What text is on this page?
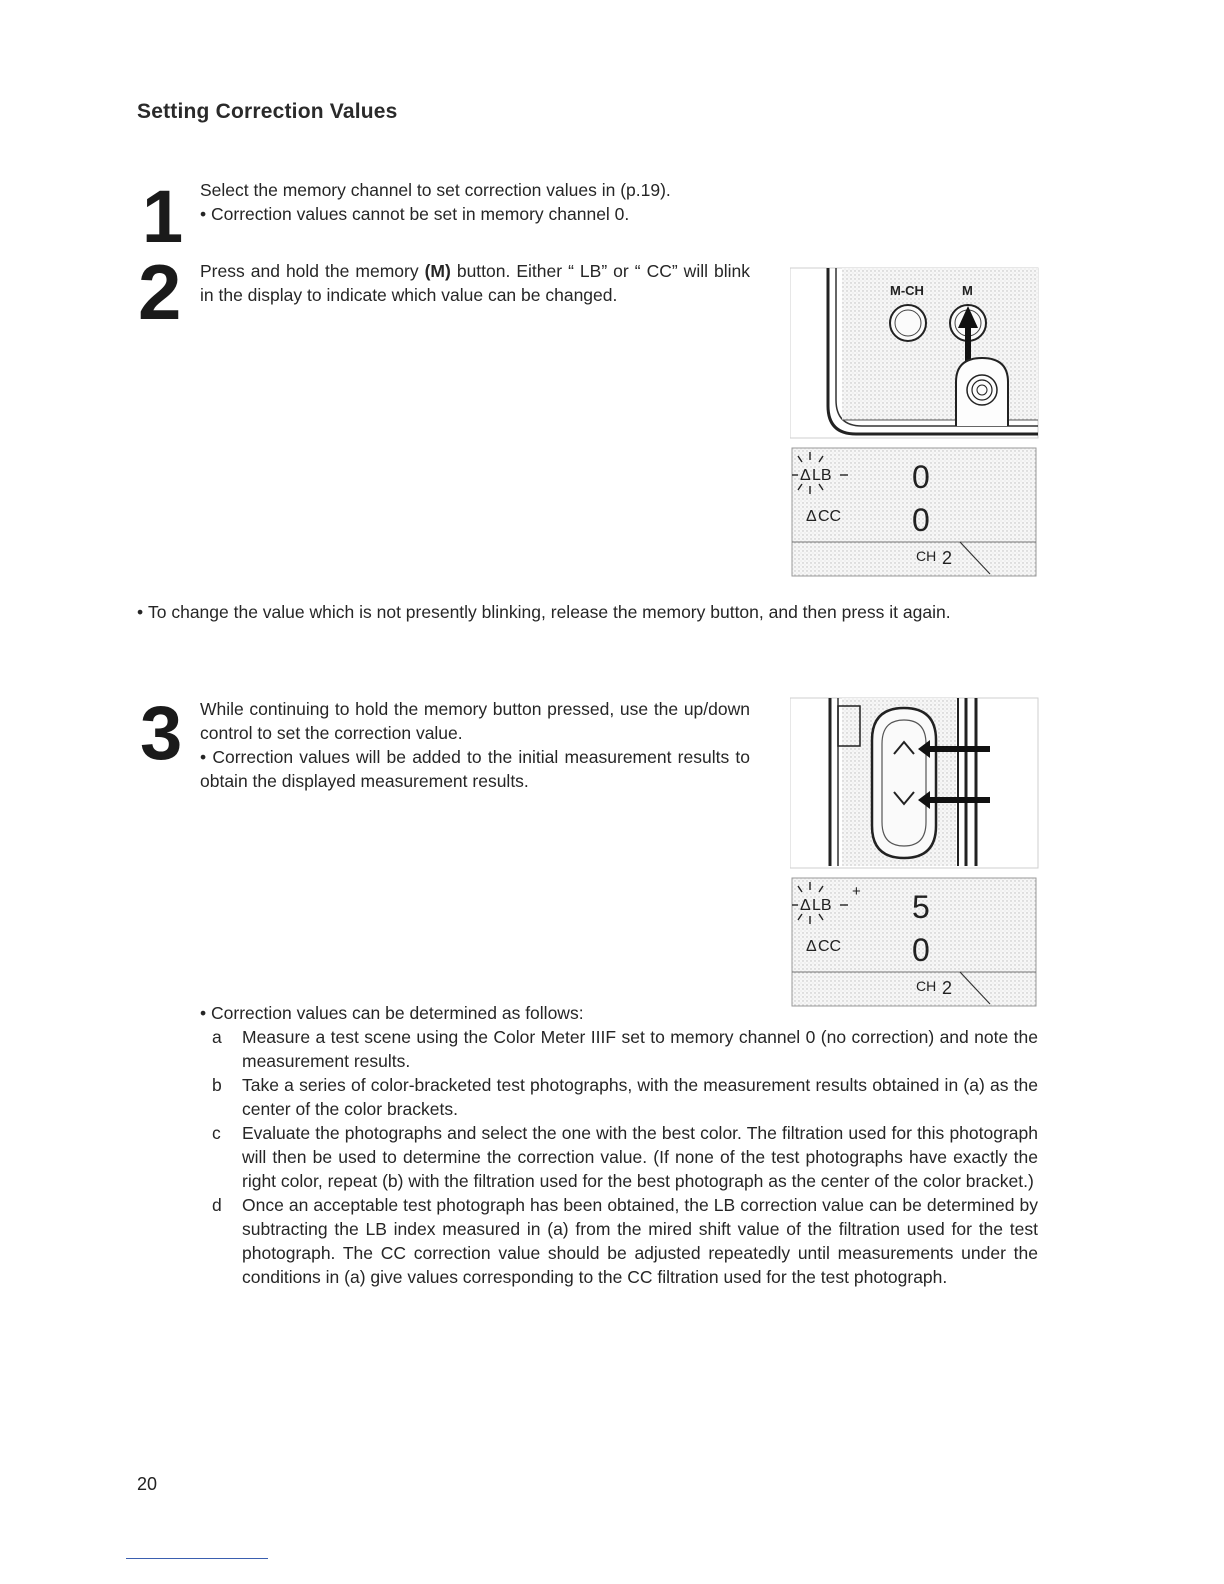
Setting Correction Values
1 Select the memory channel to set correction values in (p.19).

• Correction values cannot be set in memory channel 0.

2 Press and hold the memory (M) button. Either “ LB” or “ CC” will blink in the display to indicate which value can be changed.	M-CH	M
Δ LB
Δ CC
0
0
CH 2
• To change the value which is not presently blinking, release the memory button, and then press it again.
3 While continuing to hold the memory button pressed, use the up/down control to set the correction value.

• Correction values will be added to the initial measurement results to obtain the displayed measurement results.

Δ LB
+
Δ CC
5
0
CH 2
• Correction values can be determined as follows:
a Measure a test scene using the Color Meter IIIF set to memory channel 0 (no correction) and note the measurement results.
b Take a series of color-bracketed test photographs, with the measurement results obtained in (a) as the center of the color brackets.
c Evaluate the photographs and select the one with the best color. The filtration used for this photograph will then be used to determine the correction value. (If none of the test photographs have exactly the right color, repeat (b) with the filtration used for the best photograph as the center of the color bracket.)
d Once an acceptable test photograph has been obtained, the LB correction value can be determined by subtracting the LB index measured in (a) from the mired shift value of the filtration used for the test photograph. The CC correction value should be adjusted repeatedly until measurements under the conditions in (a) give values corresponding to the CC filtration used for the test photograph.
20
